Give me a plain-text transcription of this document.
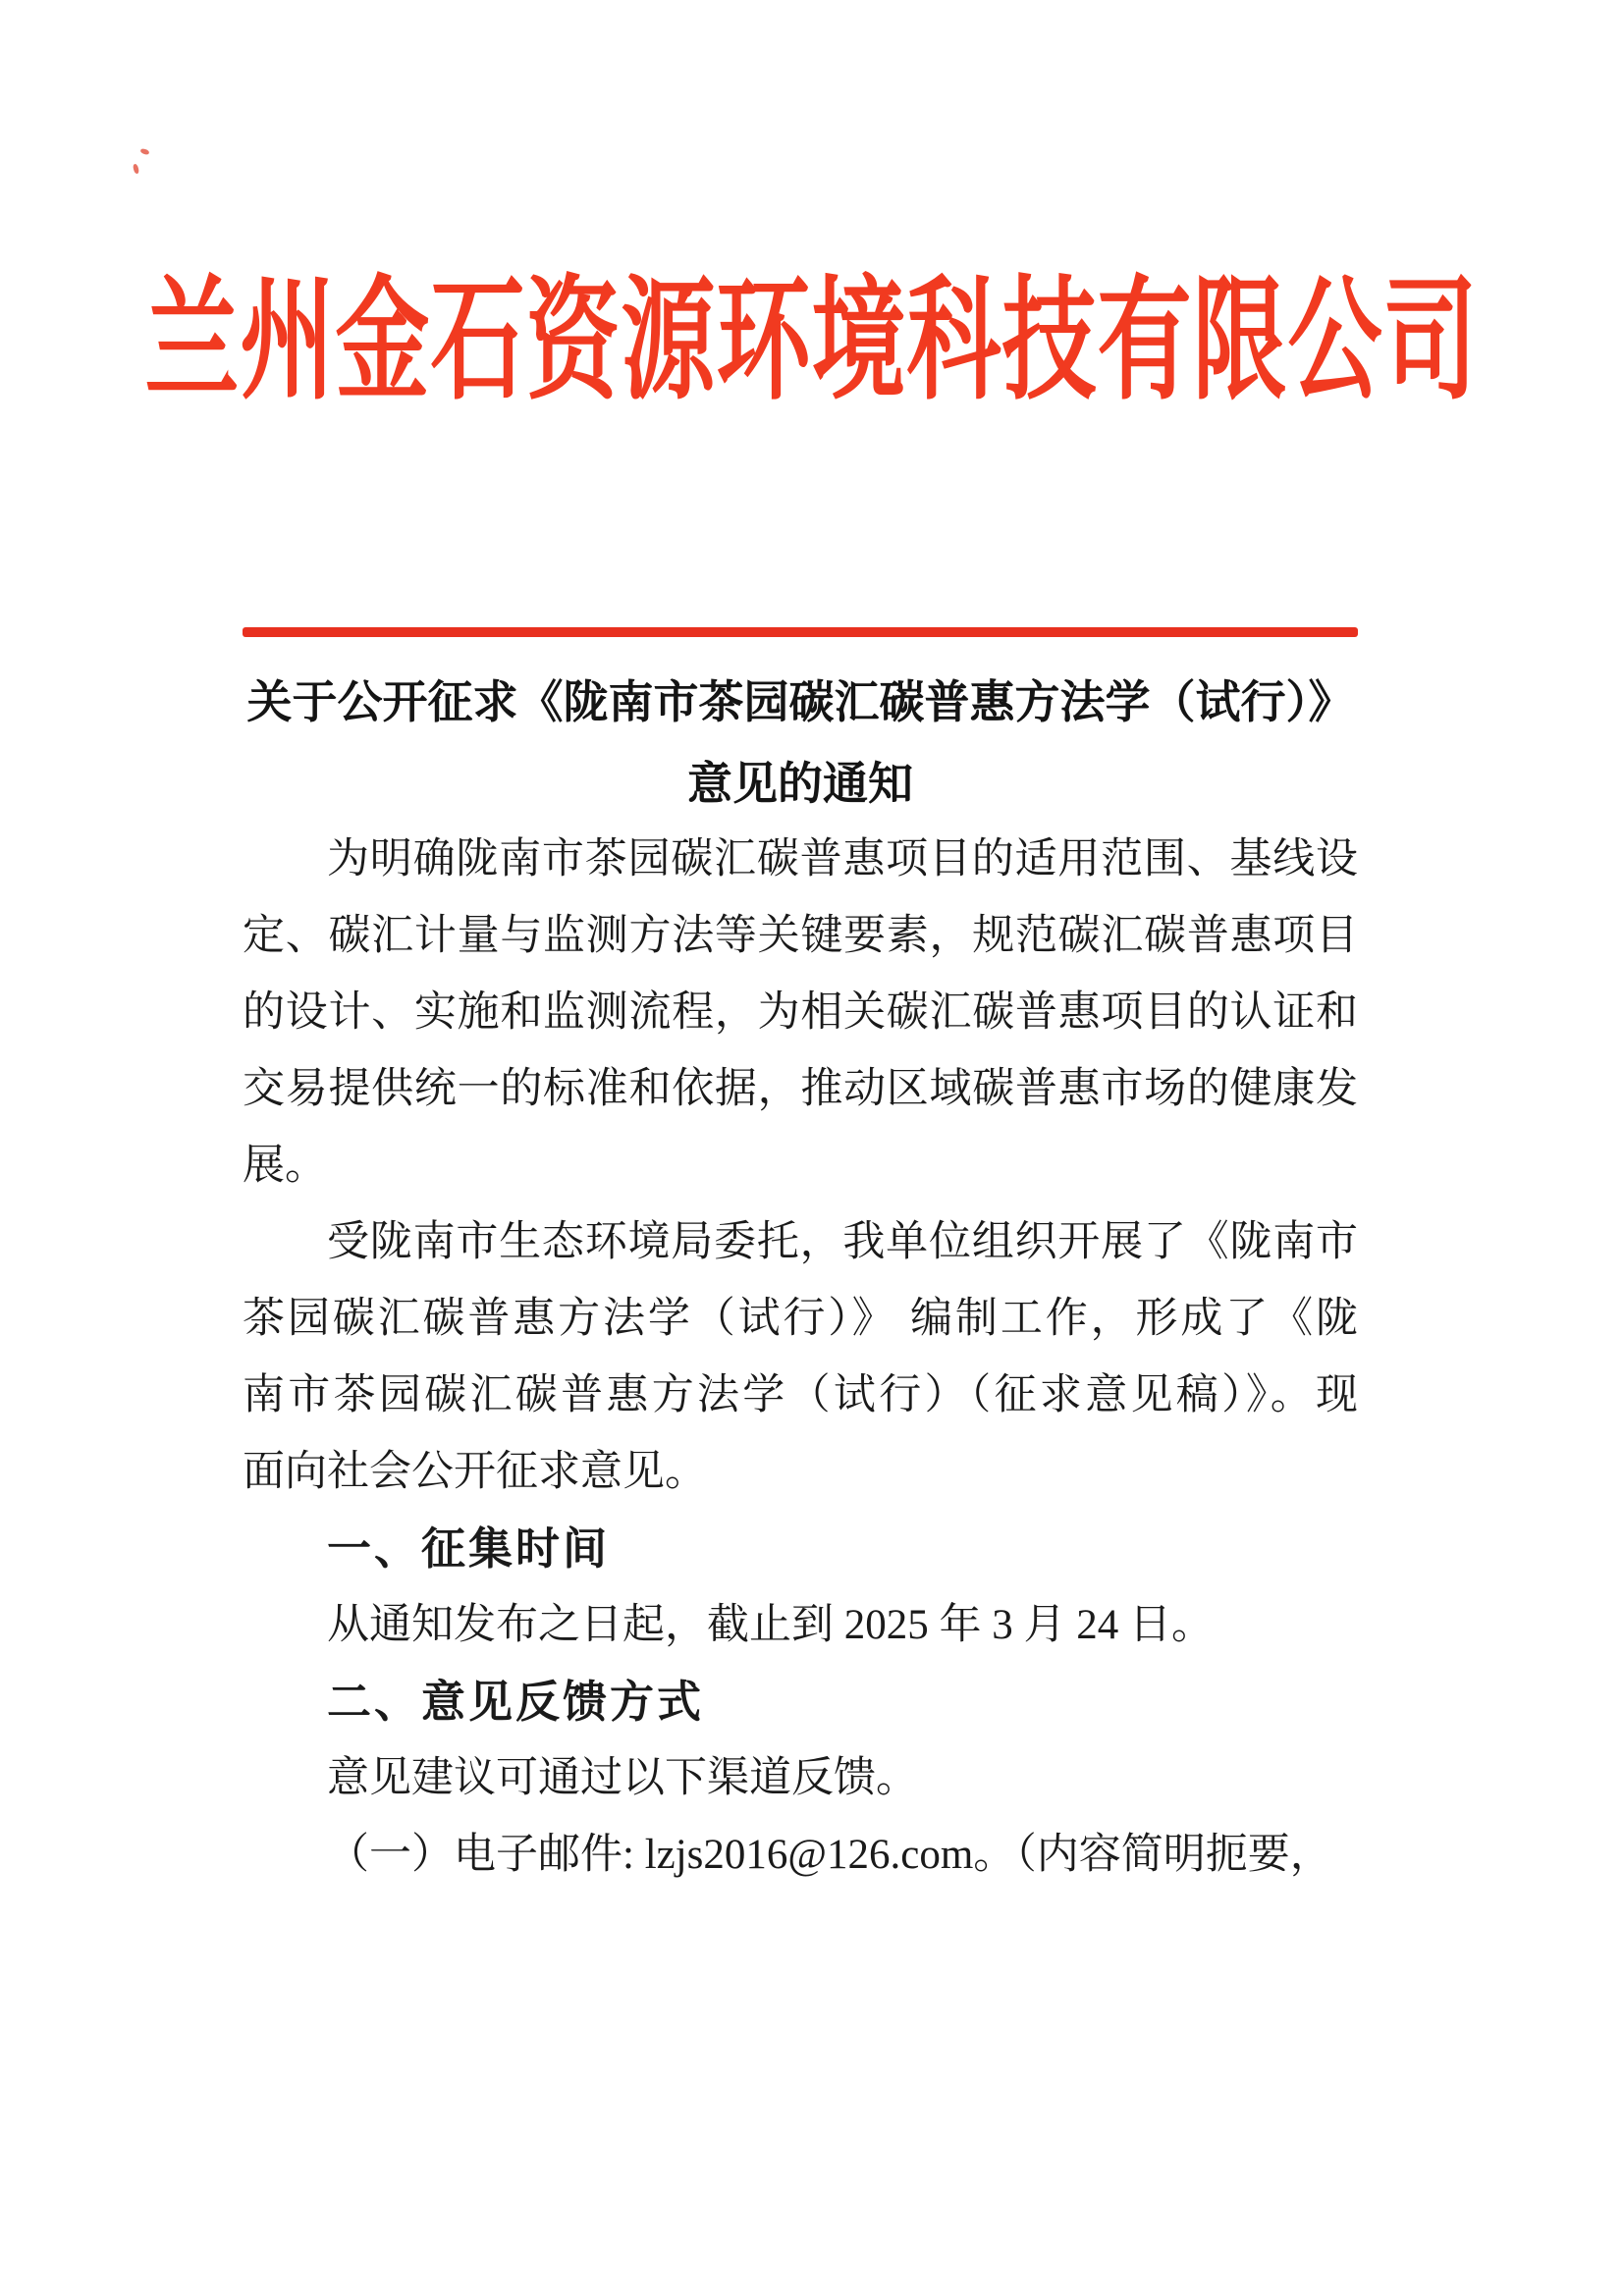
兰州金石资源环境科技有限公司
关于公开征求《陇南市茶园碳汇碳普惠方法学（试行）》
意见的通知
为明确陇南市茶园碳汇碳普惠项目的适用范围、基线设
定、碳汇计量与监测方法等关键要素，规范碳汇碳普惠项目
的设计、实施和监测流程，为相关碳汇碳普惠项目的认证和
交易提供统一的标准和依据，推动区域碳普惠市场的健康发
展。
受陇南市生态环境局委托，我单位组织开展了《陇南市
茶园碳汇碳普惠方法学（试行）》 编制工作，形成了《陇
南市茶园碳汇碳普惠方法学（试行）（征求意见稿）》。现
面向社会公开征求意见。
一、征集时间
从通知发布之日起，截止到 2025 年 3 月 24 日。
二、意见反馈方式
意见建议可通过以下渠道反馈。
（一）电子邮件: lzjs2016@126.com。（内容简明扼要，
